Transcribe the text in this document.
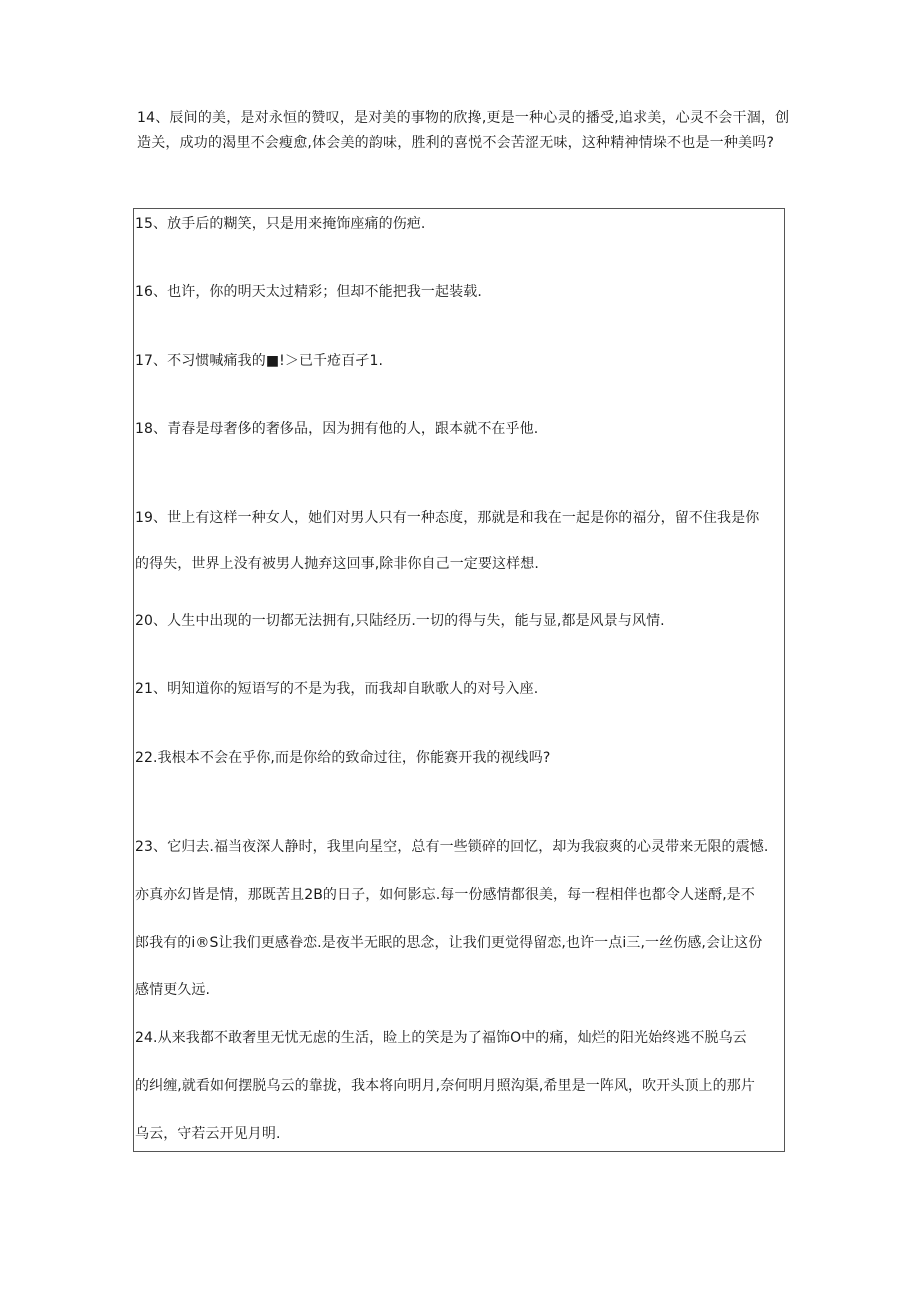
14、辰间的美，是对永恒的赞叹，是对美的事物的欣搀,更是一种心灵的播受,追求美，心灵不会干涸，创造关，成功的渴里不会瘦愈,体会美的韵味，胜利的喜悦不会苦涩无味，这种精神情垛不也是一种美吗?
15、放手后的糊笑，只是用来掩饰座痛的伤疤.
16、也许，你的明天太过精彩；但却不能把我一起装载.
17、不习惯喊痛我的■!＞已千疮百孑1.
18、青春是母奢侈的奢侈品，因为拥有他的人，跟本就不在乎他.
19、世上有这样一种女人，她们对男人只有一种态度，那就是和我在一起是你的福分，留不住我是你
的得失，世界上没有被男人抛弃这回事,除非你自己一定要这样想.
20、人生中出现的一切都无法拥有,只陆经历.一切的得与失，能与显,都是风景与风情.
21、明知道你的短语写的不是为我，而我却自耿歌人的对号入座.
22.我根本不会在乎你,而是你给的致命过往，你能赛开我的视线吗?
23、它归去.福当夜深人静时，我里向星空，总有一些锁碎的回忆，却为我寂爽的心灵带来无限的震憾.
亦真亦幻皆是情，那既苦且2B的日子，如何影忘.每一份感情都很美，每一程相伴也都令人迷酹,是不
郎我有的i®S让我们更感眷恋.是夜半无眠的思念，让我们更觉得留恋,也许一点i三,一丝伤感,会让这份
感情更久远.
24.从来我都不敢奢里无忧无虑的生活，睑上的笑是为了福饰O中的痛，灿烂的阳光始终逃不脱乌云
的纠缠,就看如何摆脱乌云的靠拢，我本将向明月,奈何明月照沟渠,希里是一阵风，吹开头顶上的那片
乌云，守若云开见月明.
